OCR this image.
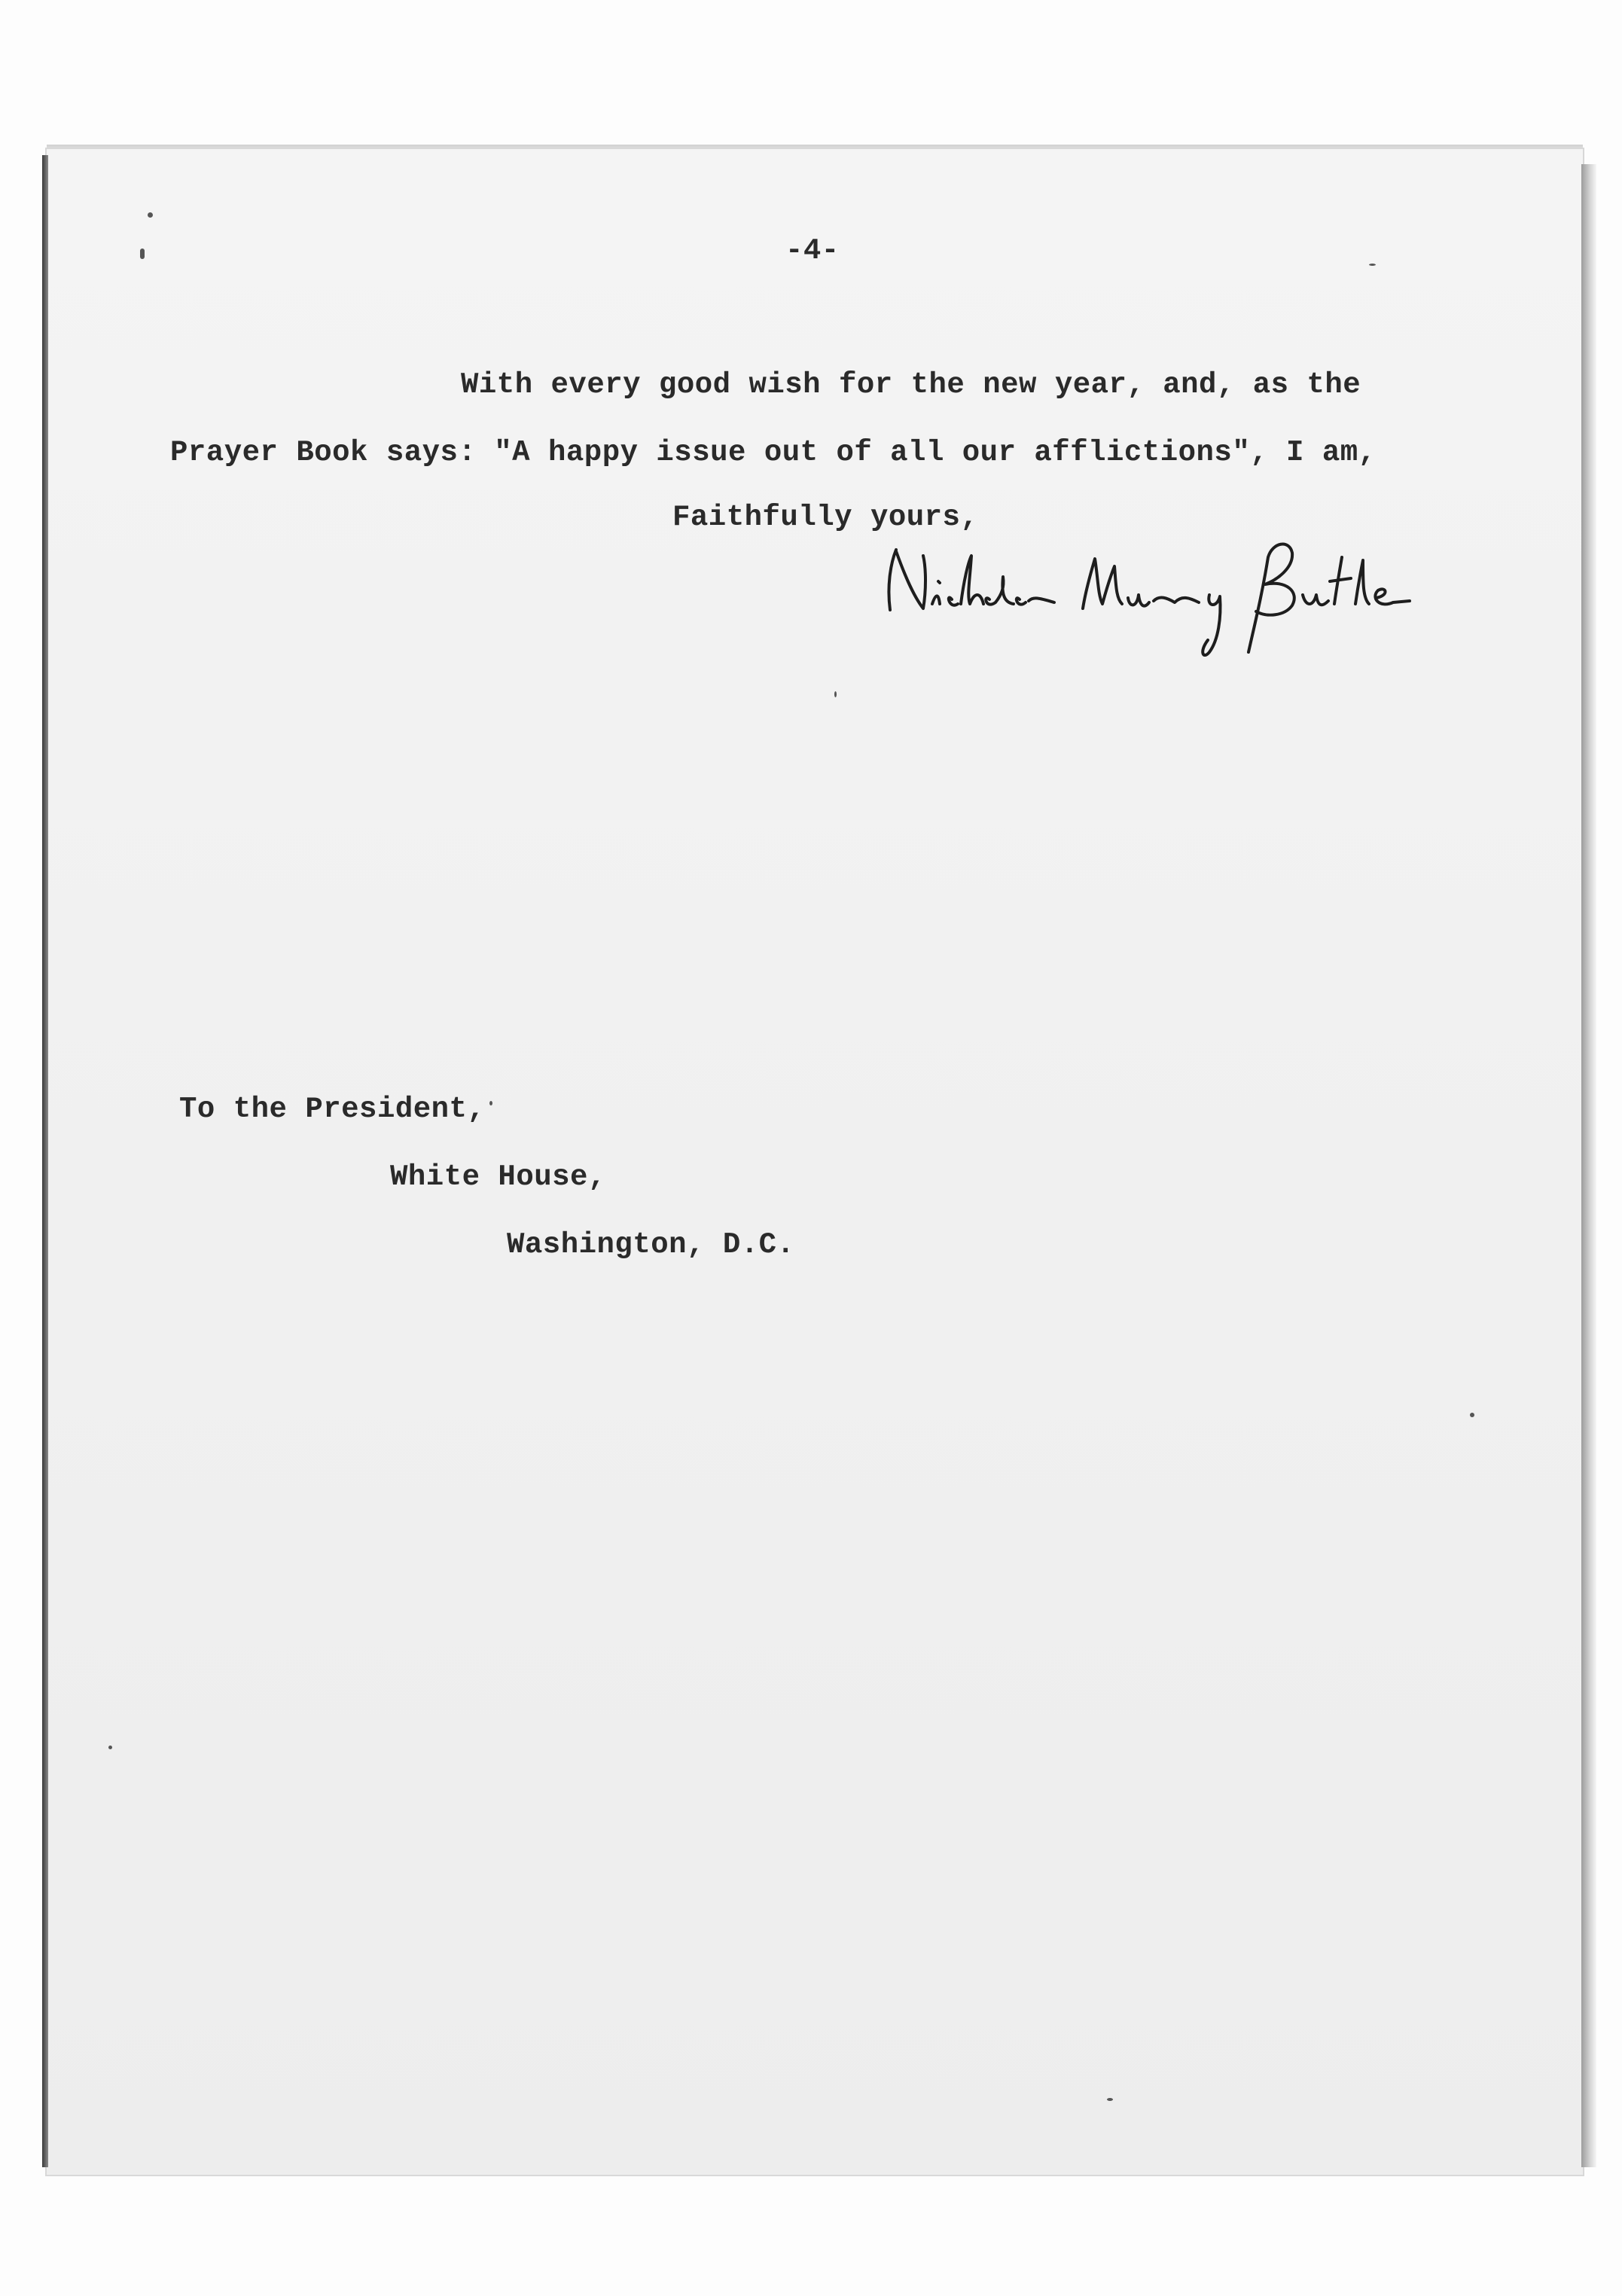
-4-
With every good wish for the new year, and, as the
Prayer Book says: "A happy issue out of all our afflictions", I am,
Faithfully yours,
To the President,
White House,
Washington, D.C.
